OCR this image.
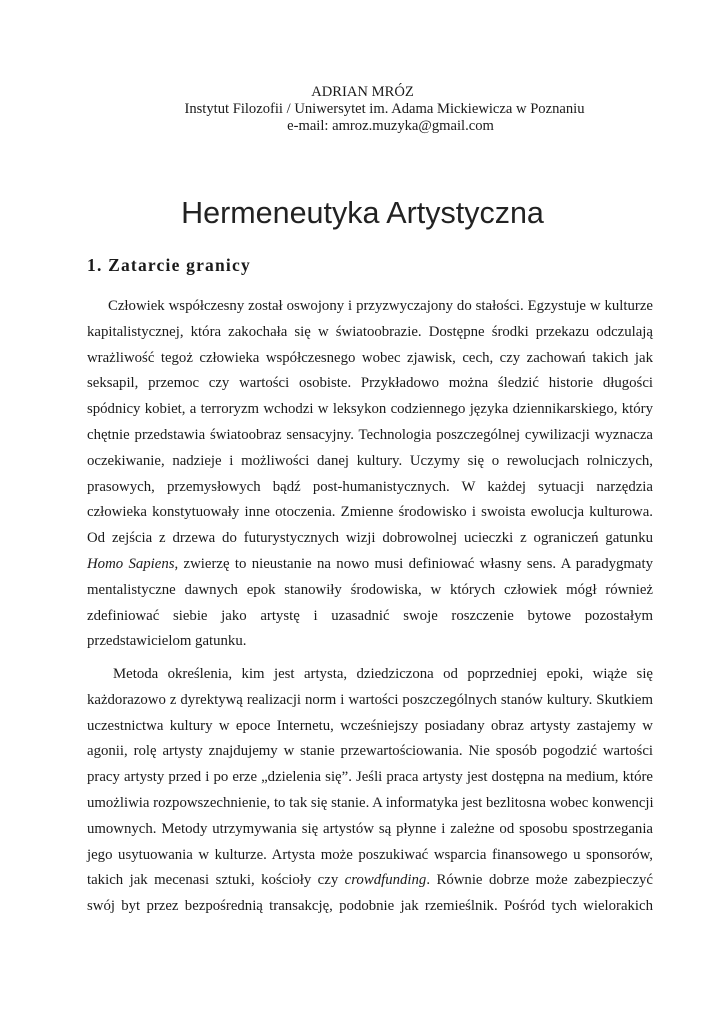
ADRIAN MRÓZ
Instytut Filozofii / Uniwersytet im. Adama Mickiewicza w Poznaniu
e-mail: amroz.muzyka@gmail.com
Hermeneutyka Artystyczna
1. Zatarcie granicy
Człowiek współczesny został oswojony i przyzwyczajony do stałości. Egzystuje w kulturze
kapitalistycznej, która zakochała się w światoobrazie. Dostępne środki przekazu odczulają
wrażliwość tegoż człowieka współczesnego wobec zjawisk, cech, czy zachowań takich jak
seksapil, przemoc czy wartości osobiste. Przykładowo można śledzić historie długości
spódnicy kobiet, a terroryzm wchodzi w leksykon codziennego języka dziennikarskiego, który
chętnie przedstawia światoobraz sensacyjny. Technologia poszczególnej cywilizacji wyznacza
oczekiwanie, nadzieje i możliwości danej kultury. Uczymy się o rewolucjach rolniczych,
prasowych, przemysłowych bądź post-humanistycznych. W każdej sytuacji narzędzia
człowieka konstytuowały inne otoczenia. Zmienne środowisko i swoista ewolucja kulturowa.
Od zejścia z drzewa do futurystycznych wizji dobrowolnej ucieczki z ograniczeń gatunku
Homo Sapiens, zwierzę to nieustanie na nowo musi definiować własny sens. A paradygmaty
mentalistyczne dawnych epok stanowiły środowiska, w których człowiek mógł również
zdefiniować siebie jako artystę i uzasadnić swoje roszczenie bytowe pozostałym
przedstawicielom gatunku.
Metoda określenia, kim jest artysta, dziedziczona od poprzedniej epoki, wiąże się
każdorazowo z dyrektywą realizacji norm i wartości poszczególnych stanów kultury. Skutkiem
uczestnictwa kultury w epoce Internetu, wcześniejszy posiadany obraz artysty zastajemy w
agonii, rolę artysty znajdujemy w stanie przewartościowania. Nie sposób pogodzić wartości
pracy artysty przed i po erze „dzielenia się”. Jeśli praca artysty jest dostępna na medium, które
umożliwia rozpowszechnienie, to tak się stanie. A informatyka jest bezlitosna wobec konwencji
umownych. Metody utrzymywania się artystów są płynne i zależne od sposobu spostrzegania
jego usytuowania w kulturze. Artysta może poszukiwać wsparcia finansowego u sponsorów,
takich jak mecenasi sztuki, kościoły czy crowdfunding. Równie dobrze może zabezpieczyć
swój byt przez bezpośrednią transakcję, podobnie jak rzemieślnik. Pośród tych wielorakich
